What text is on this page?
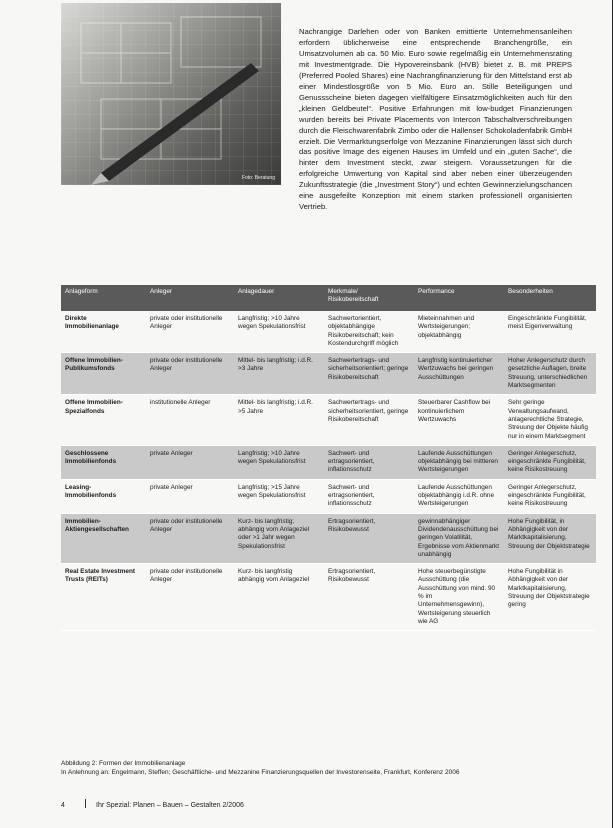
Foto: Beratung

Nachrangige Darlehen oder von Banken emittierte Unternehmensanleihen erfordern üblicherweise eine entsprechende Branchengröße, ein Umsatzvolumen ab ca. 50 Mio. Euro sowie regelmäßig ein Unternehmensrating mit Investmentgrade. Die Hypovereinsbank (HVB) bietet z. B. mit PREPS (Preferred Pooled Shares) eine Nachrangfinanzierung für den Mittelstand erst ab einer Mindestlosgröße von 5 Mio. Euro an. Stille Beteiligungen und Genussscheine bieten dagegen vielfältigere Einsatzmöglichkeiten auch für den „kleinen Geldbeutel“. Positive Erfahrungen mit low-budget Finanzierungen wurden bereits bei Private Placements von Intercon Tabschaltverschreibungen durch die Fleischwarenfabrik Zimbo oder die Hallenser Schokoladenfabrik GmbH erzielt. Die Vermarktungserfolge von Mezzanine Finanzierungen lässt sich durch das positive Image des eigenen Hauses im Umfeld und ein „guten Sache“, die hinter dem Investment steckt, zwar steigern. Voraussetzungen für die erfolgreiche Umwertung von Kapital sind aber neben einer überzeugenden Zukunftsstrategie (die „Investment Story“) und echten Gewinnerzielungschancen eine ausgefeilte Konzeption mit einem starken professionell organisierten Vertrieb.

Anlageform	Anleger	Anlagedauer	Merkmale/ Risikobereitschaft	Performance	Besonderheiten
Direkte Immobilienanlage	private oder institutionelle Anleger	Langfristig; >10 Jahre wegen Spekulationsfrist	Sachwertorientiert, objektabhängige Risikobereitschaft; kein Kostendurchgriff möglich	Mieteinnahmen und Wertsteigerungen; objektabhängig	Eingeschränkte Fungibilität, meist Eigenverwaltung
Offene Immobilien-Publikumsfonds	private oder institutionelle Anleger	Mittel- bis langfristig; i.d.R. >3 Jahre	Sachwertertrags- und sicherheitsorientiert; geringe Risikobereitschaft	Langfristig kontinuierlicher Wertzuwachs bei geringen Ausschüttungen	Hoher Anlegerschutz durch gesetzliche Auflagen, breite Streuung, unterschiedlichen Marktsegmenten
Offene Immobilien-Spezialfonds	institutionelle Anleger	Mittel- bis langfristig; i.d.R. >5 Jahre	Sachwertertrags- und sicherheitsorientiert, geringe Risikobereitschaft	Steuerbarer Cashflow bei kontinuierlichem Wertzuwachs	Sehr geringe Verwaltungsaufwand, anlagerechtliche Strategie, Streuung der Objekte häufig nur in einem Marktsegment
Geschlossene Immobilienfonds	private Anleger	Langfristig; >10 Jahre wegen Spekulationsfrist	Sachwert- und ertragsorientiert, inflationsschutz	Laufende Ausschüttungen objektabhängig bei mittleren Wertsteigerungen	Geringer Anlegerschutz, eingeschränkte Fungibilität, keine Risikostreuung
Leasing-Immobilienfonds	private Anleger	Langfristig; >15 Jahre wegen Spekulationsfrist	Sachwert- und ertragsorientiert, inflationsschutz	Laufende Ausschüttungen objektabhängig i.d.R. ohne Wertsteigerungen	Geringer Anlegerschutz, eingeschränkte Fungibilität, keine Risikostreuung
Immobilien-Aktiengesellschaften	private oder institutionelle Anleger	Kurz- bis langfristig; abhängig vom Anlageziel oder >1 Jahr wegen Spekulationsfrist	Ertragsorientiert, Risikobewusst	gewinnabhängiger Dividendenausschüttung bei geringen Volatilität, Ergebnisse vom Aktienmarkt unabhängig	Hohe Fungibilität, in Abhängigkeit von der Marktkapitalisierung, Streuung der Objektstrategie
Real Estate Investment Trusts (REITs)	private oder institutionelle Anleger	Kurz- bis langfristig abhängig vom Anlageziel	Ertragsorientiert, Risikobewusst	Hohe steuerbegünstigte Ausschüttung (die Ausschüttung von mind. 90 % im Unternehmensgewinn), Wertsteigerung steuerlich wie AG	Hohe Fungibilität in Abhängigkeit von der Marktkapitalisierung, Streuung der Objektstrategie gering
Abbildung 2: Formen der Immobilienanlage
In Anlehnung an: Engelmann, Steffen; Geschäftliche- und Mezzanine Finanzierungsquellen der Investorenseite, Frankfurt, Konferenz 2006
4	Ihr Spezial: Planen – Bauen – Gestalten 2/2006
